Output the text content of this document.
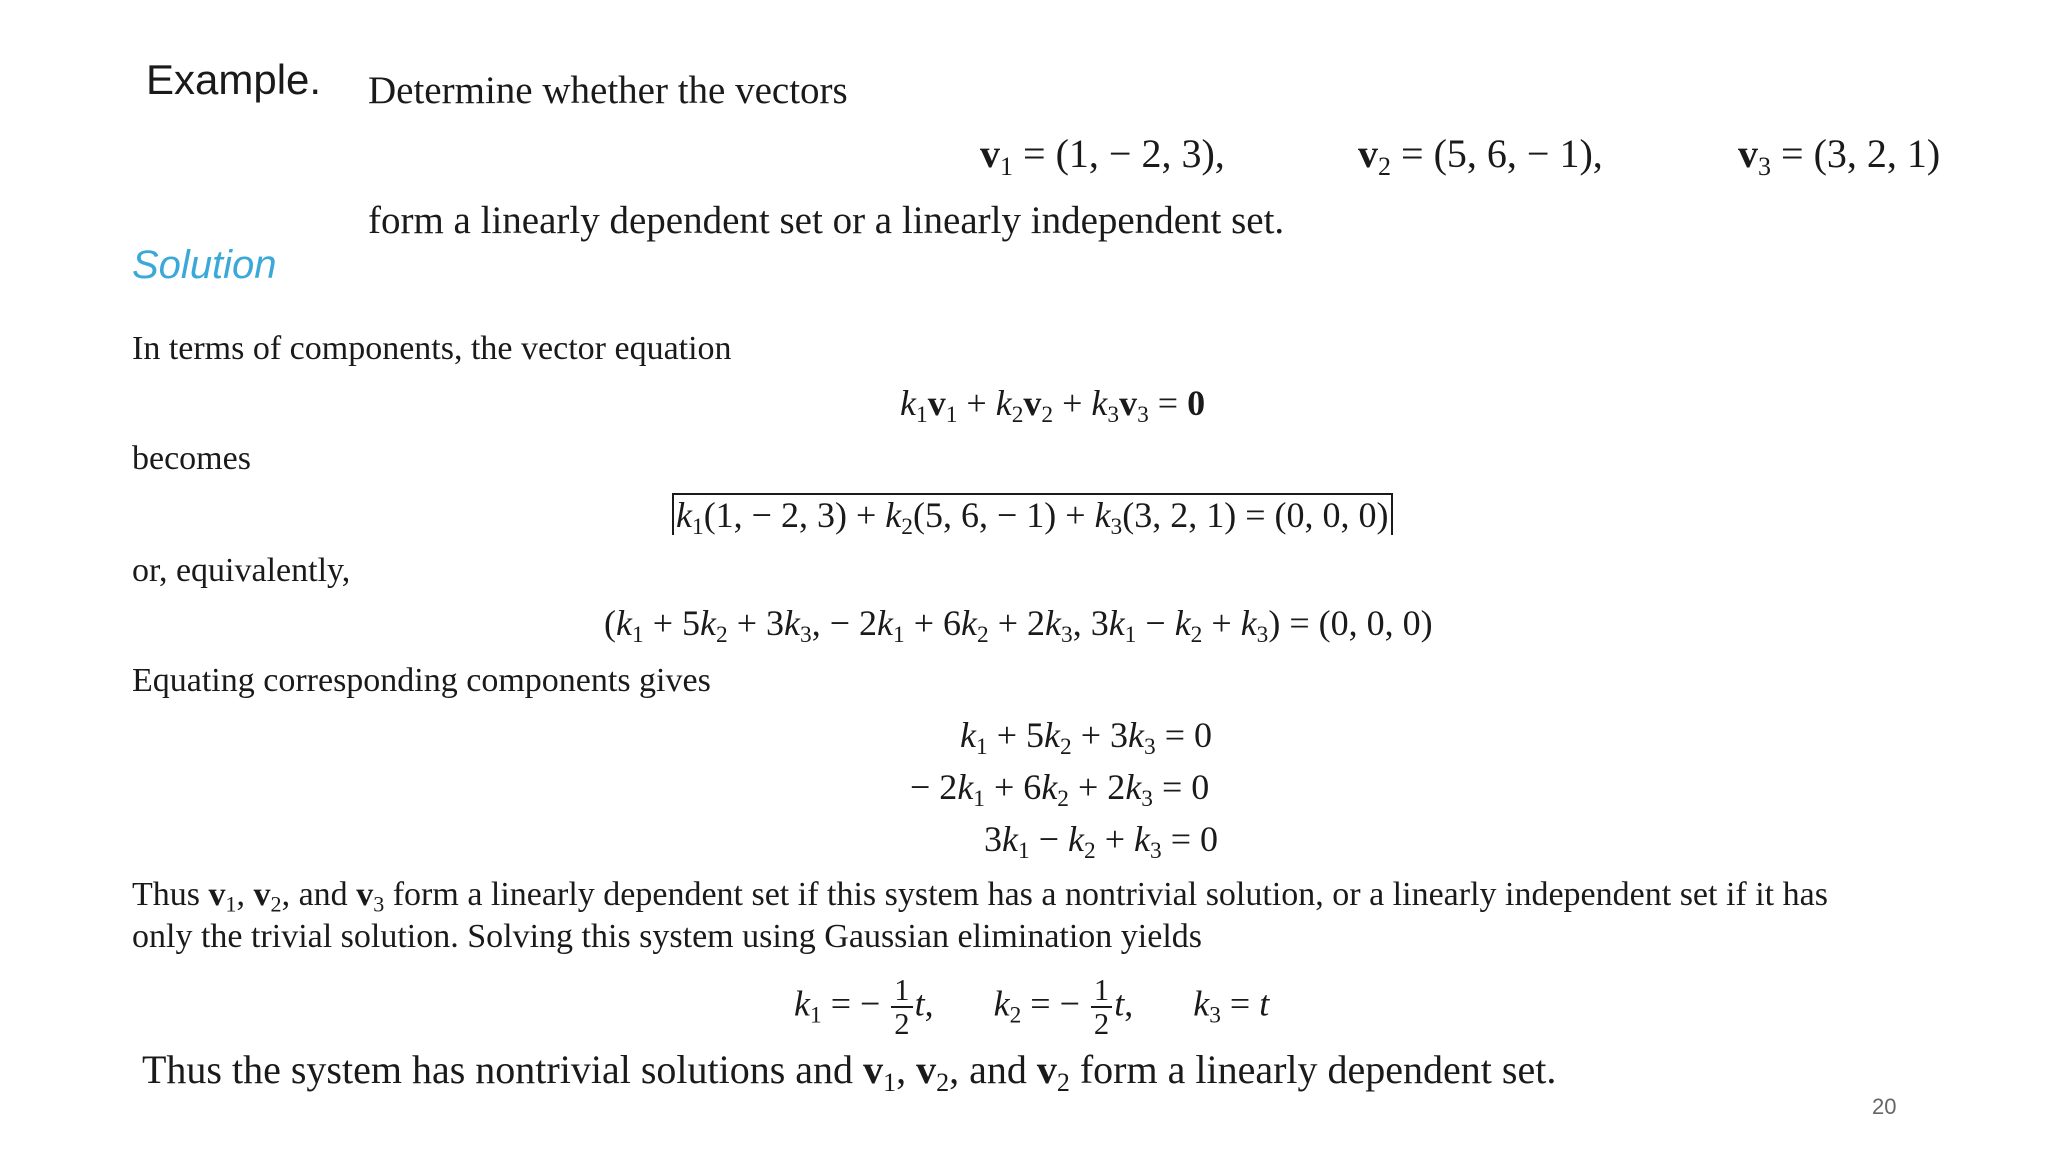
Example. Determine whether the vectors
$v_1 = (1$, − 2, 3),	$v_2 = (5$, 6, − 1),	$v_3 = (3$, 2, 1)
form a linearly dependent set or a linearly independent set.
Solution
In terms of components, the vector equation
$k_1v_1 + k_2v_2 + k_3v_3 = 0$
becomes
$k_1(1$, − 2, $3) + k_2(5$, 6, − $1) + k_3(3$, 2, 1) = (0, 0, 0)
or, equivalently,
($k_1 + 5k_2 + 3k_3$, − $2k_1 + 6k_2 + 2k_3$, $3k_1 - k_2 + k_3) = (0$, 0, 0)
Equating corresponding components gives
$k_1 + 5k_2 + 3k_3 = 0$
− $2k_1 + 6k_2 + 2k_3 = 0$
$3k_1 - k_2 + k_3 = 0$
Thus $v_1$, $v_2$, and $v_3$ form a linearly dependent set if this system has a nontrivial solution, or a linearly independent set if it has
only the trivial solution. Solving this system using Gaussian elimination yields
$k_1$ = − $\frac{1}{2} t$, $k_2$ = − $\frac{1}{2} t$, $k_3 = t$
Thus the system has nontrivial solutions and $v_1$, $v_2$, and $v_2$ form a linearly dependent set.
20
